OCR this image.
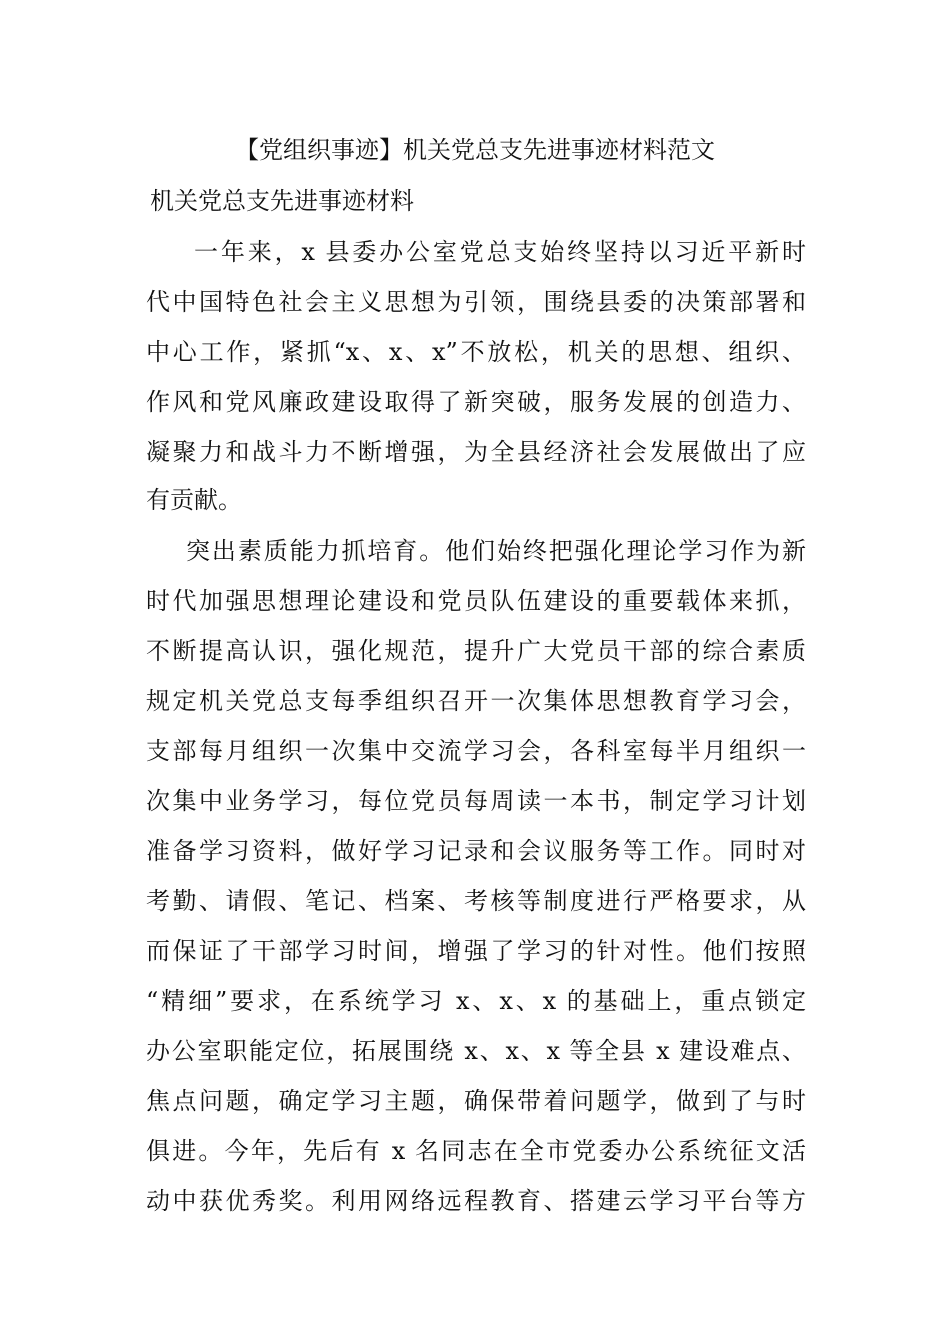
【党组织事迹】机关党总支先进事迹材料范文
机关党总支先进事迹材料
一年来，x 县委办公室党总支始终坚持以习近平新时
代中国特色社会主义思想为引领，围绕县委的决策部署和
中心工作，紧抓“x、x、x”不放松，机关的思想、组织、
作风和党风廉政建设取得了新突破，服务发展的创造力、
凝聚力和战斗力不断增强，为全县经济社会发展做出了应
有贡献。
突出素质能力抓培育。他们始终把强化理论学习作为新
时代加强思想理论建设和党员队伍建设的重要载体来抓，
不断提高认识，强化规范，提升广大党员干部的综合素质
规定机关党总支每季组织召开一次集体思想教育学习会，
支部每月组织一次集中交流学习会，各科室每半月组织一
次集中业务学习，每位党员每周读一本书，制定学习计划
准备学习资料，做好学习记录和会议服务等工作。同时对
考勤、请假、笔记、档案、考核等制度进行严格要求，从
而保证了干部学习时间，增强了学习的针对性。他们按照
“精细”要求，在系统学习 x、x、x 的基础上，重点锁定
办公室职能定位，拓展围绕 x、x、x 等全县 x 建设难点、
焦点问题，确定学习主题，确保带着问题学，做到了与时
俱进。今年，先后有 x 名同志在全市党委办公系统征文活
动中获优秀奖。利用网络远程教育、搭建云学习平台等方
